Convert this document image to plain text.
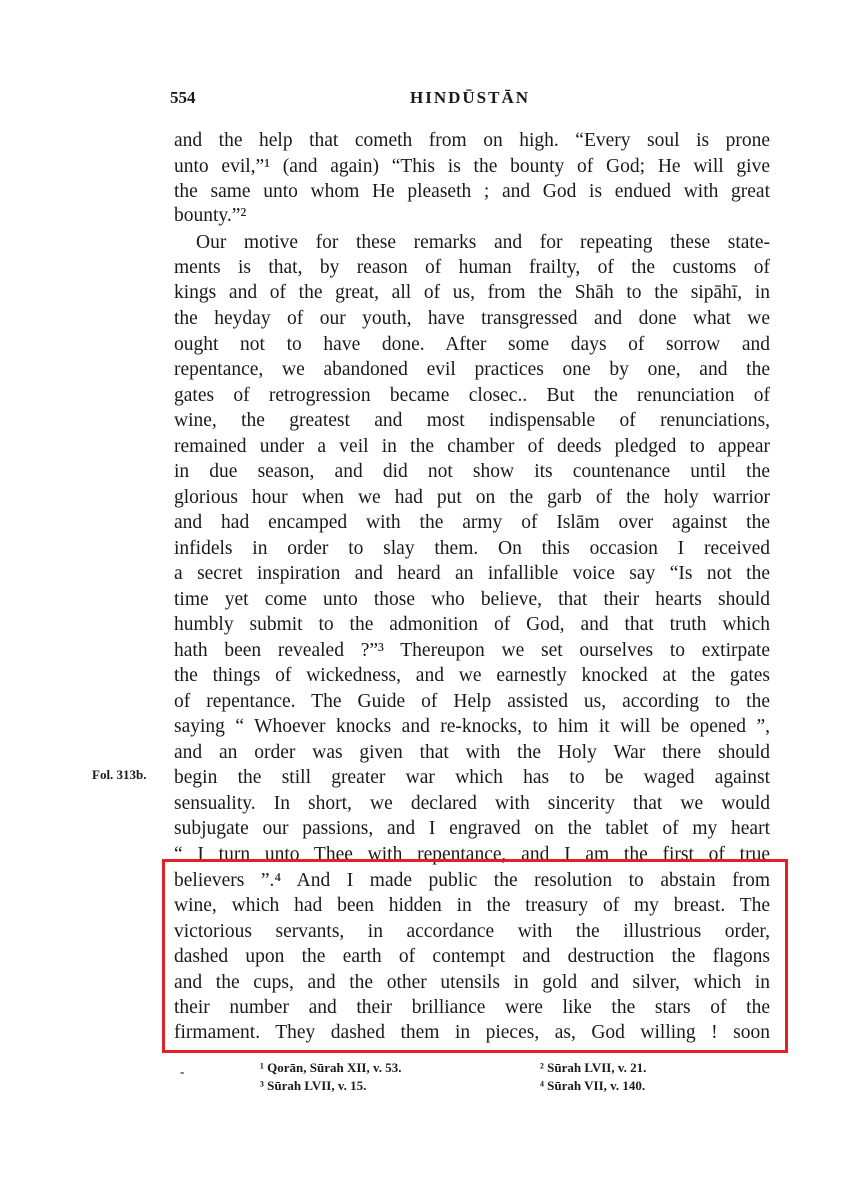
554	HINDŪSTĀN
Fol. 313b.
and the help that cometh from on high. “Every soul is prone
unto evil,”¹ (and again) “This is the bounty of God; He will give
the same unto whom He pleaseth ; and God is endued with great
bounty.”²
Our motive for these remarks and for repeating these state-
ments is that, by reason of human frailty, of the customs of
kings and of the great, all of us, from the Shāh to the sipāhī, in
the heyday of our youth, have transgressed and done what we
ought not to have done. After some days of sorrow and
repentance, we abandoned evil practices one by one, and the
gates of retrogression became closec.. But the renunciation of
wine, the greatest and most indispensable of renunciations,
remained under a veil in the chamber of deeds pledged to appear
in due season, and did not show its countenance until the
glorious hour when we had put on the garb of the holy warrior
and had encamped with the army of Islām over against the
infidels in order to slay them. On this occasion I received
a secret inspiration and heard an infallible voice say “Is not the
time yet come unto those who believe, that their hearts should
humbly submit to the admonition of God, and that truth which
hath been revealed ?”³ Thereupon we set ourselves to extirpate
the things of wickedness, and we earnestly knocked at the gates
of repentance. The Guide of Help assisted us, according to the
saying “ Whoever knocks and re-knocks, to him it will be opened ”,
and an order was given that with the Holy War there should
begin the still greater war which has to be waged against
sensuality. In short, we declared with sincerity that we would
subjugate our passions, and I engraved on the tablet of my heart
“ I turn unto Thee with repentance, and I am the first of true
believers ”.⁴ And I made public the resolution to abstain from
wine, which had been hidden in the treasury of my breast. The
victorious servants, in accordance with the illustrious order,
dashed upon the earth of contempt and destruction the flagons
and the cups, and the other utensils in gold and silver, which in
their number and their brilliance were like the stars of the
firmament. They dashed them in pieces, as, God willing ! soon
-	¹ Qorān, Sūrah XII, v. 53.	² Sūrah LVII, v. 21.
³ Sūrah LVII, v. 15.	⁴ Sūrah VII, v. 140.
